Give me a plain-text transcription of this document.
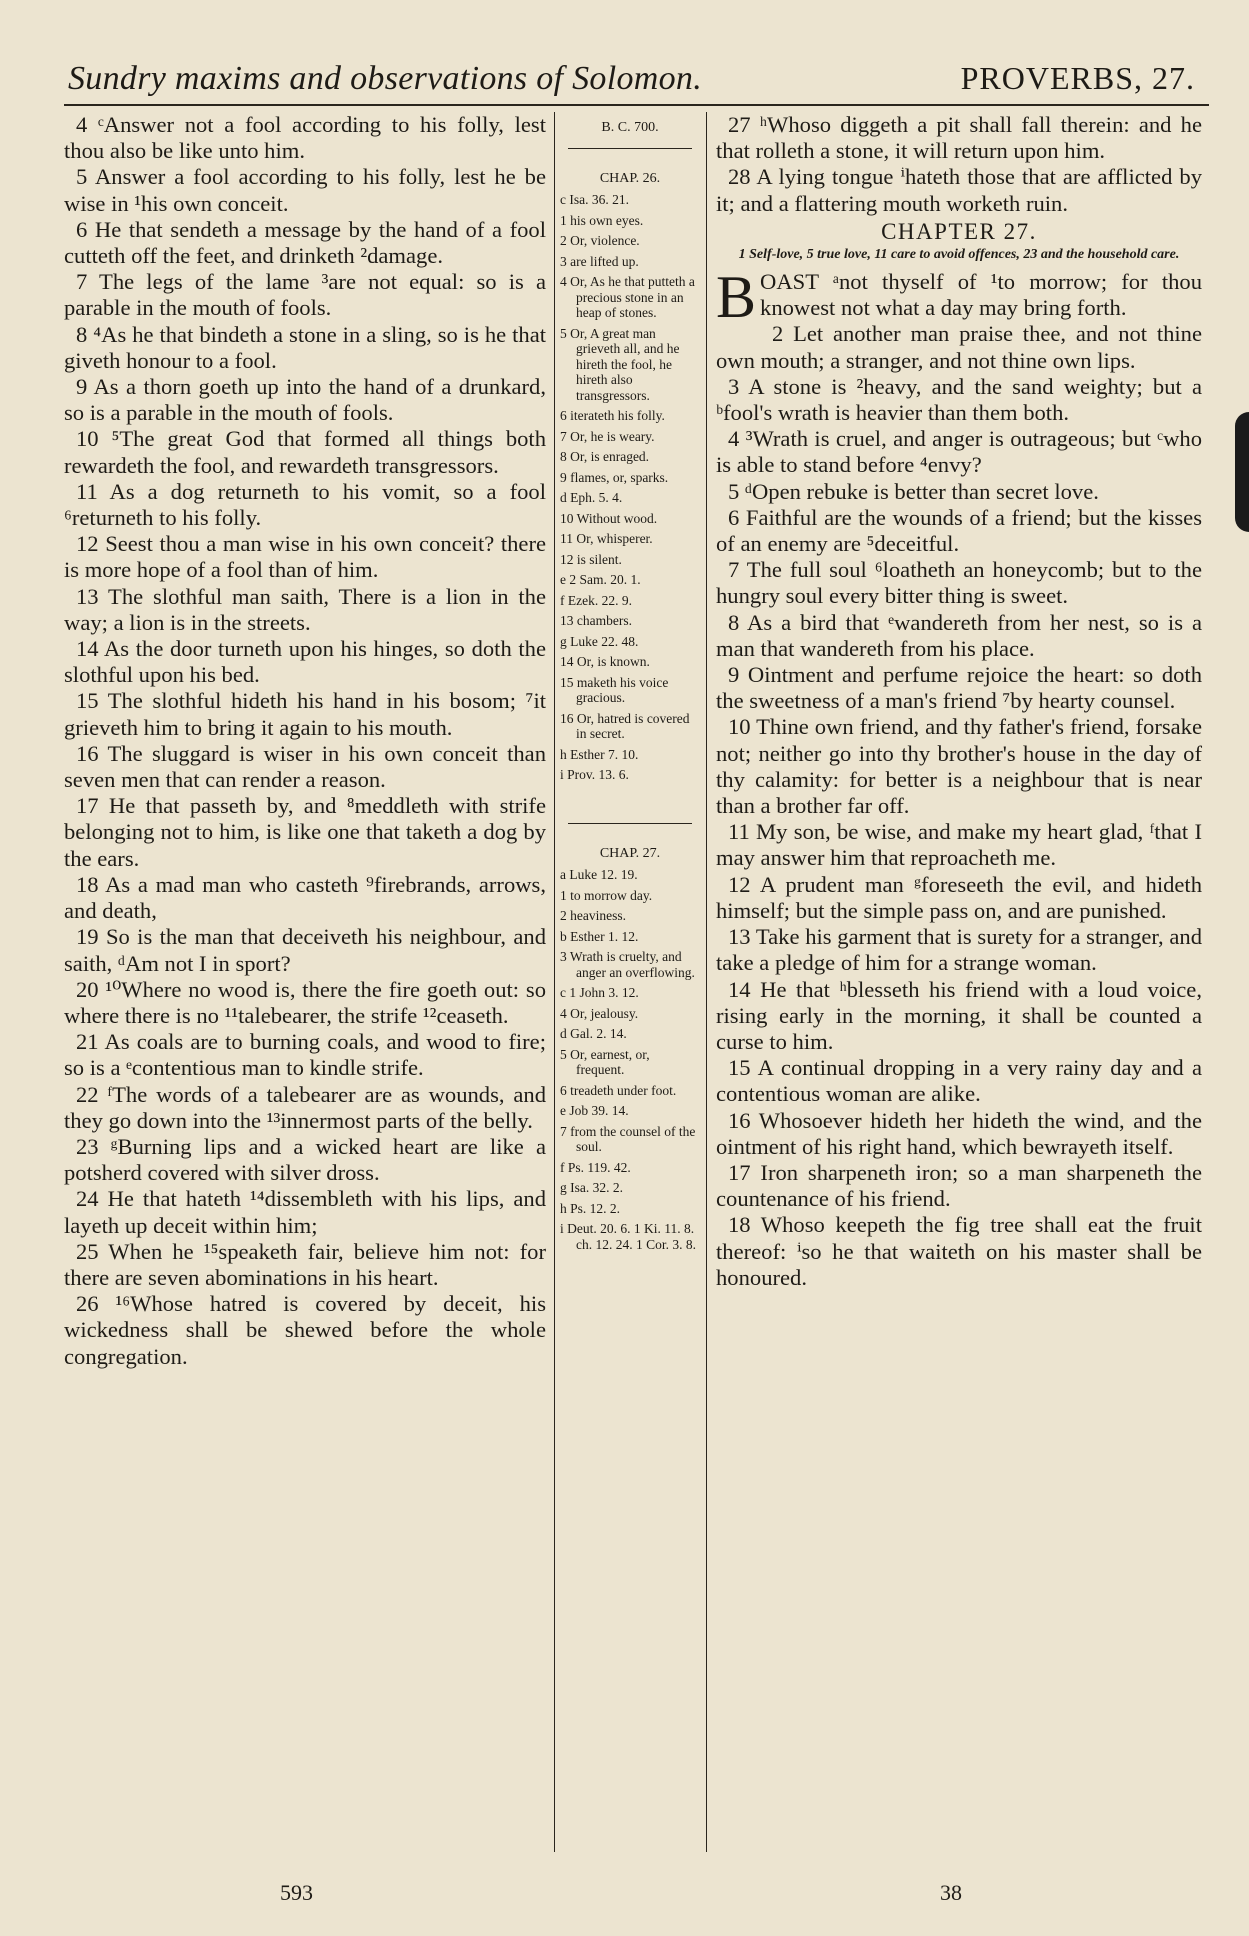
Sundry maxims and observations of Solomon.	PROVERBS, 27.

4 ᶜAnswer not a fool according to his folly, lest thou also be like unto him.

5 Answer a fool according to his folly, lest he be wise in ¹his own conceit.

6 He that sendeth a message by the hand of a fool cutteth off the feet, and drinketh ²damage.

7 The legs of the lame ³are not equal: so is a parable in the mouth of fools.

8 ⁴As he that bindeth a stone in a sling, so is he that giveth honour to a fool.

9 As a thorn goeth up into the hand of a drunkard, so is a parable in the mouth of fools.

10 ⁵The great God that formed all things both rewardeth the fool, and rewardeth transgressors.

11 As a dog returneth to his vomit, so a fool ⁶returneth to his folly.

12 Seest thou a man wise in his own conceit? there is more hope of a fool than of him.

13 The slothful man saith, There is a lion in the way; a lion is in the streets.

14 As the door turneth upon his hinges, so doth the slothful upon his bed.

15 The slothful hideth his hand in his bosom; ⁷it grieveth him to bring it again to his mouth.

16 The sluggard is wiser in his own conceit than seven men that can render a reason.

17 He that passeth by, and ⁸meddleth with strife belonging not to him, is like one that taketh a dog by the ears.

18 As a mad man who casteth ⁹firebrands, arrows, and death,

19 So is the man that deceiveth his neighbour, and saith, ᵈAm not I in sport?

20 ¹⁰Where no wood is, there the fire goeth out: so where there is no ¹¹talebearer, the strife ¹²ceaseth.

21 As coals are to burning coals, and wood to fire; so is a ᵉcontentious man to kindle strife.

22 ᶠThe words of a talebearer are as wounds, and they go down into the ¹³innermost parts of the belly.

23 ᵍBurning lips and a wicked heart are like a potsherd covered with silver dross.

24 He that hateth ¹⁴dissembleth with his lips, and layeth up deceit within him;

25 When he ¹⁵speaketh fair, believe him not: for there are seven abominations in his heart.

26 ¹⁶Whose hatred is covered by deceit, his wickedness shall be shewed before the whole congregation.

B. C. 700.
CHAP. 26.
c Isa. 36. 21.
1 his own eyes.
2 Or, violence.
3 are lifted up.
4 Or, As he that putteth a precious stone in an heap of stones.
5 Or, A great man grieveth all, and he hireth the fool, he hireth also transgressors.
6 iterateth his folly.
7 Or, he is weary.
8 Or, is enraged.
9 flames, or, sparks.
d Eph. 5. 4.
10 Without wood.
11 Or, whisperer.
12 is silent.
e 2 Sam. 20. 1.
f Ezek. 22. 9.
13 chambers.
g Luke 22. 48.
14 Or, is known.
15 maketh his voice gracious.
16 Or, hatred is covered in secret.
h Esther 7. 10.
i Prov. 13. 6.
CHAP. 27.
a Luke 12. 19.
1 to morrow day.
2 heaviness.
b Esther 1. 12.
3 Wrath is cruelty, and anger an overflowing.
c 1 John 3. 12.
4 Or, jealousy.
d Gal. 2. 14.
5 Or, earnest, or, frequent.
6 treadeth under foot.
e Job 39. 14.
7 from the counsel of the soul.
f Ps. 119. 42.
g Isa. 32. 2.
h Ps. 12. 2.
i Deut. 20. 6. 1 Ki. 11. 8. ch. 12. 24. 1 Cor. 3. 8.

27 ʰWhoso diggeth a pit shall fall therein: and he that rolleth a stone, it will return upon him.

28 A lying tongue ⁱhateth those that are afflicted by it; and a flattering mouth worketh ruin.

CHAPTER 27.
1 Self-love, 5 true love, 11 care to avoid offences, 23 and the household care.
B OAST ᵃnot thyself of ¹to morrow; for thou knowest not what a day may bring forth.

2 Let another man praise thee, and not thine own mouth; a stranger, and not thine own lips.

3 A stone is ²heavy, and the sand weighty; but a ᵇfool's wrath is heavier than them both.

4 ³Wrath is cruel, and anger is outrageous; but ᶜwho is able to stand before ⁴envy?

5 ᵈOpen rebuke is better than secret love.

6 Faithful are the wounds of a friend; but the kisses of an enemy are ⁵deceitful.

7 The full soul ⁶loatheth an honeycomb; but to the hungry soul every bitter thing is sweet.

8 As a bird that ᵉwandereth from her nest, so is a man that wandereth from his place.

9 Ointment and perfume rejoice the heart: so doth the sweetness of a man's friend ⁷by hearty counsel.

10 Thine own friend, and thy father's friend, forsake not; neither go into thy brother's house in the day of thy calamity: for better is a neighbour that is near than a brother far off.

11 My son, be wise, and make my heart glad, ᶠthat I may answer him that reproacheth me.

12 A prudent man ᵍforeseeth the evil, and hideth himself; but the simple pass on, and are punished.

13 Take his garment that is surety for a stranger, and take a pledge of him for a strange woman.

14 He that ʰblesseth his friend with a loud voice, rising early in the morning, it shall be counted a curse to him.

15 A continual dropping in a very rainy day and a contentious woman are alike.

16 Whosoever hideth her hideth the wind, and the ointment of his right hand, which bewrayeth itself.

17 Iron sharpeneth iron; so a man sharpeneth the countenance of his friend.

18 Whoso keepeth the fig tree shall eat the fruit thereof: ⁱso he that waiteth on his master shall be honoured.

593	38
